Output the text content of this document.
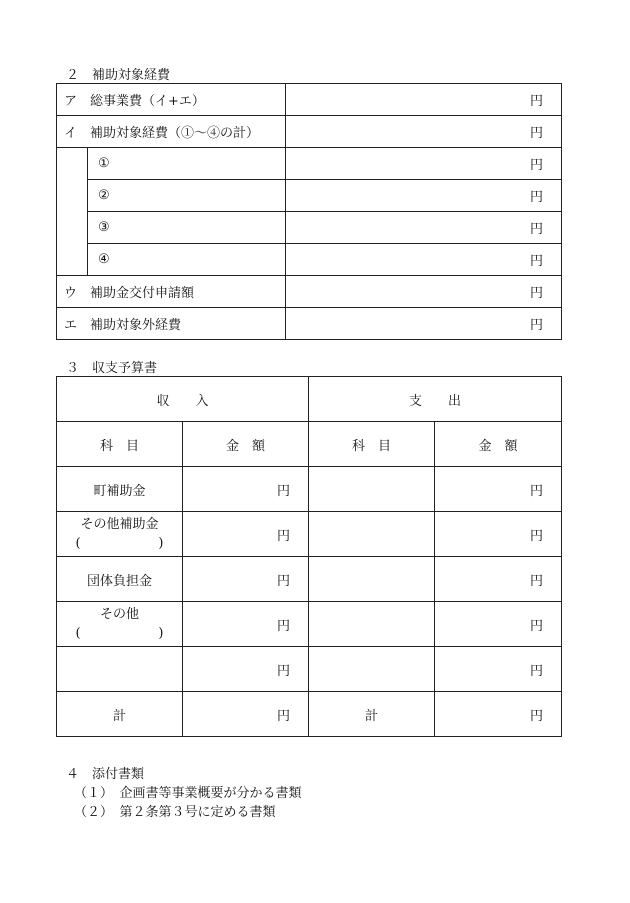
２　補助対象経費
ア　総事業費（イ+エ）		円
イ　補助対象経費（①～④の計）		円
	①	円
	②	円
	③	円
	④	円
ウ　補助金交付申請額		円
エ　補助対象外経費		円
３　収支予算書
収　　入		支　　出	
科　目	金　額	科　目	金　額
町補助金	円		円

その他補助金
( )	円		円
団体負担金	円		円

その他
( )	円		円
	円		円
計	円	計	円
４　添付書類
（１）　企画書等事業概要が分かる書類
（２）　第２条第３号に定める書類
